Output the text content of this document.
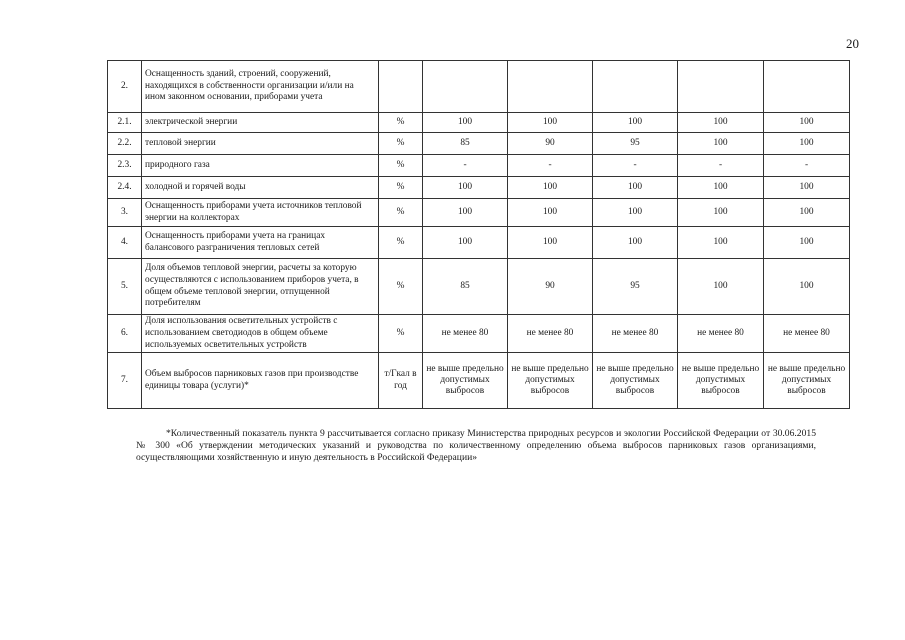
20
2.	Оснащенность зданий, строений, сооружений, находящихся в собственности организации и/или на ином законном основании, приборами учета						
2.1.	электрической энергии	%	100	100	100	100	100
2.2.	тепловой энергии	%	85	90	95	100	100
2.3.	природного газа	%	-	-	-	-	-
2.4.	холодной и горячей воды	%	100	100	100	100	100
3.	Оснащенность приборами учета источников тепловой энергии на коллекторах	%	100	100	100	100	100
4.	Оснащенность приборами учета на границах балансового разграничения тепловых сетей	%	100	100	100	100	100
5.	Доля объемов тепловой энергии, расчеты за которую осуществляются с использованием приборов учета, в общем объеме тепловой энергии, отпущенной потребителям	%	85	90	95	100	100
6.	Доля использования осветительных устройств с использованием светодиодов в общем объеме используемых осветительных устройств	%	не менее 80	не менее 80	не менее 80	не менее 80	не менее 80
7.	Объем выбросов парниковых газов при производстве единицы товара (услуги)*	т/Гкал в год	не выше предельно допустимых выбросов	не выше предельно допустимых выбросов	не выше предельно допустимых выбросов	не выше предельно допустимых выбросов	не выше предельно допустимых выбросов

*Количественный показатель пункта 9 рассчитывается согласно приказу Министерства природных ресурсов и экологии Российской Федерации от 30.06.2015 № 300 «Об утверждении методических указаний и руководства по количественному определению объема выбросов парниковых газов организациями, осуществляющими хозяйственную и иную деятельность в Российской Федерации»
